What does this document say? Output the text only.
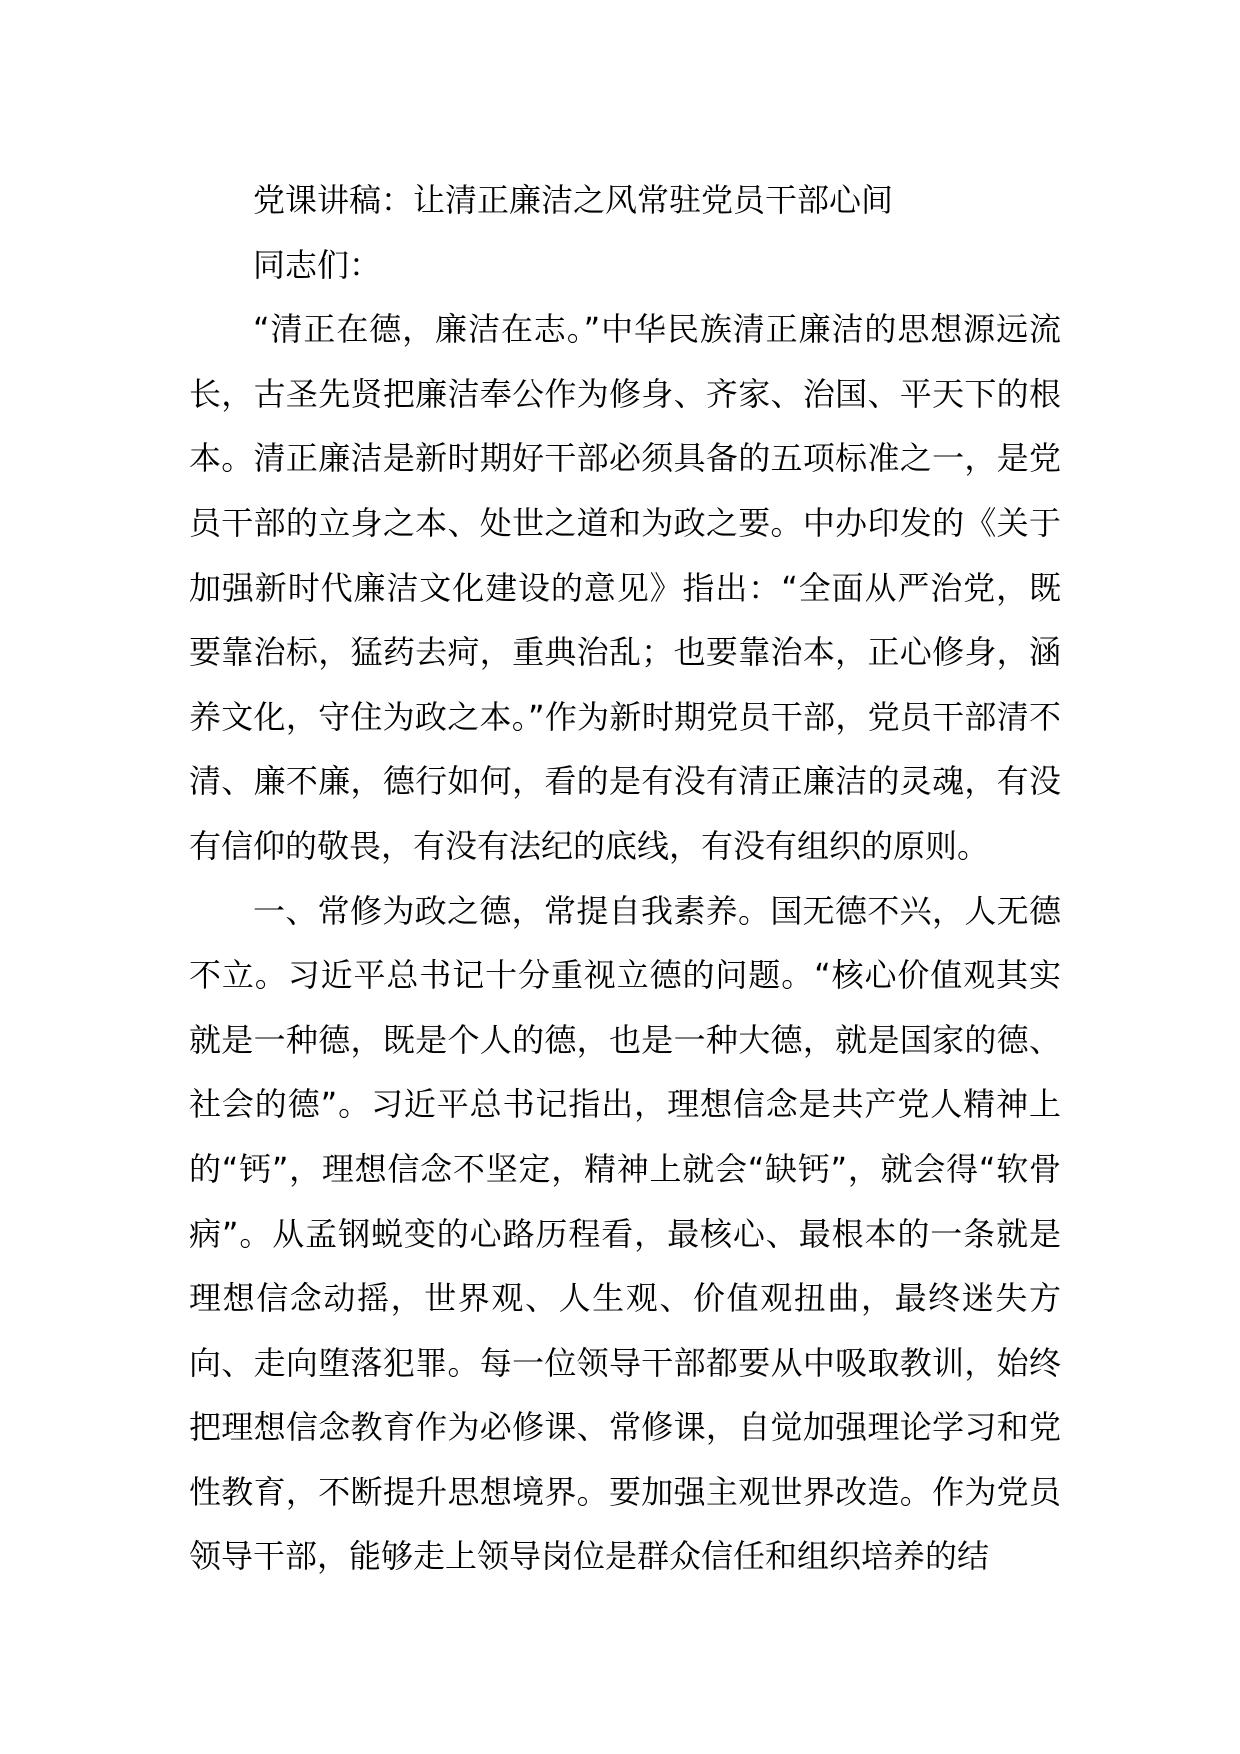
党课讲稿：让清正廉洁之风常驻党员干部心间

同志们：

“清正在德，廉洁在志。”中华民族清正廉洁的思想源远流长，古圣先贤把廉洁奉公作为修身、齐家、治国、平天下的根本。清正廉洁是新时期好干部必须具备的五项标准之一，是党员干部的立身之本、处世之道和为政之要。中办印发的《关于加强新时代廉洁文化建设的意见》指出：“全面从严治党，既要靠治标，猛药去疴，重典治乱；也要靠治本，正心修身，涵养文化，守住为政之本。”作为新时期党员干部，党员干部清不清、廉不廉，德行如何，看的是有没有清正廉洁的灵魂，有没有信仰的敬畏，有没有法纪的底线，有没有组织的原则。

一、常修为政之德，常提自我素养。国无德不兴，人无德不立。习近平总书记十分重视立德的问题。“核心价值观其实就是一种德，既是个人的德，也是一种大德，就是国家的德、社会的德”。习近平总书记指出，理想信念是共产党人精神上的“钙”，理想信念不坚定，精神上就会“缺钙”，就会得“软骨病”。从孟钢蜕变的心路历程看，最核心、最根本的一条就是理想信念动摇，世界观、人生观、价值观扭曲，最终迷失方向、走向堕落犯罪。每一位领导干部都要从中吸取教训，始终把理想信念教育作为必修课、常修课，自觉加强理论学习和党性教育，不断提升思想境界。要加强主观世界改造。作为党员领导干部，能够走上领导岗位是群众信任和组织培养的结
